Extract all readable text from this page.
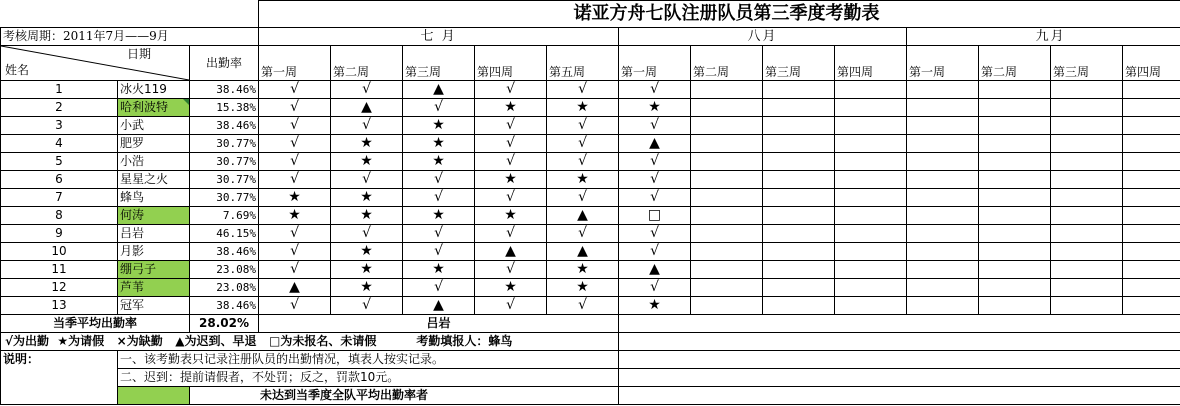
			诺亚方舟七队注册队员第三季度考勤表												
考核周期：2011年7月——9月			七 月					八月				九月			

日期
姓名		出勤率	第一周	第二周	第三周	第四周	第五周	第一周	第二周	第三周	第四周	第一周	第二周	第三周	第四周
1	冰火119	38.46%	√	√	▲	√	√	√							
2	哈利波特	15.38%	√	▲	√	★	★	★							
3	小武	38.46%	√	√	★	√	√	√							
4	肥罗	30.77%	√	★	★	√	√	▲							
5	小浩	30.77%	√	★	★	√	√	√							
6	星星之火	30.77%	√	√	√	★	★	√							
7	蜂鸟	30.77%	★	★	√	√	√	√							
8	何涛	7.69%	★	★	★	★	▲	□							
9	吕岩	46.15%	√	√	√	√	√	√							
10	月影	38.46%	√	★	√	▲	▲	√							
11	绷弓子	23.08%	√	★	★	√	★	▲							
12	芦苇	23.08%	▲	★	√	★	★	√							
13	冠军	38.46%	√	√	▲	√	√	★							
当季平均出勤率		28.02%	吕岩												
√为出勤  ★为请假   ×为缺勤   ▲为迟到、早退   □为未报名、未请假 考勤填报人：蜂鸟															
说明：	一、该考勤表只记录注册队员的出勤情况，填表人按实记录。														
	二、迟到：提前请假者，不处罚；反之，罚款10元。														
		未达到当季度全队平均出勤率者													
